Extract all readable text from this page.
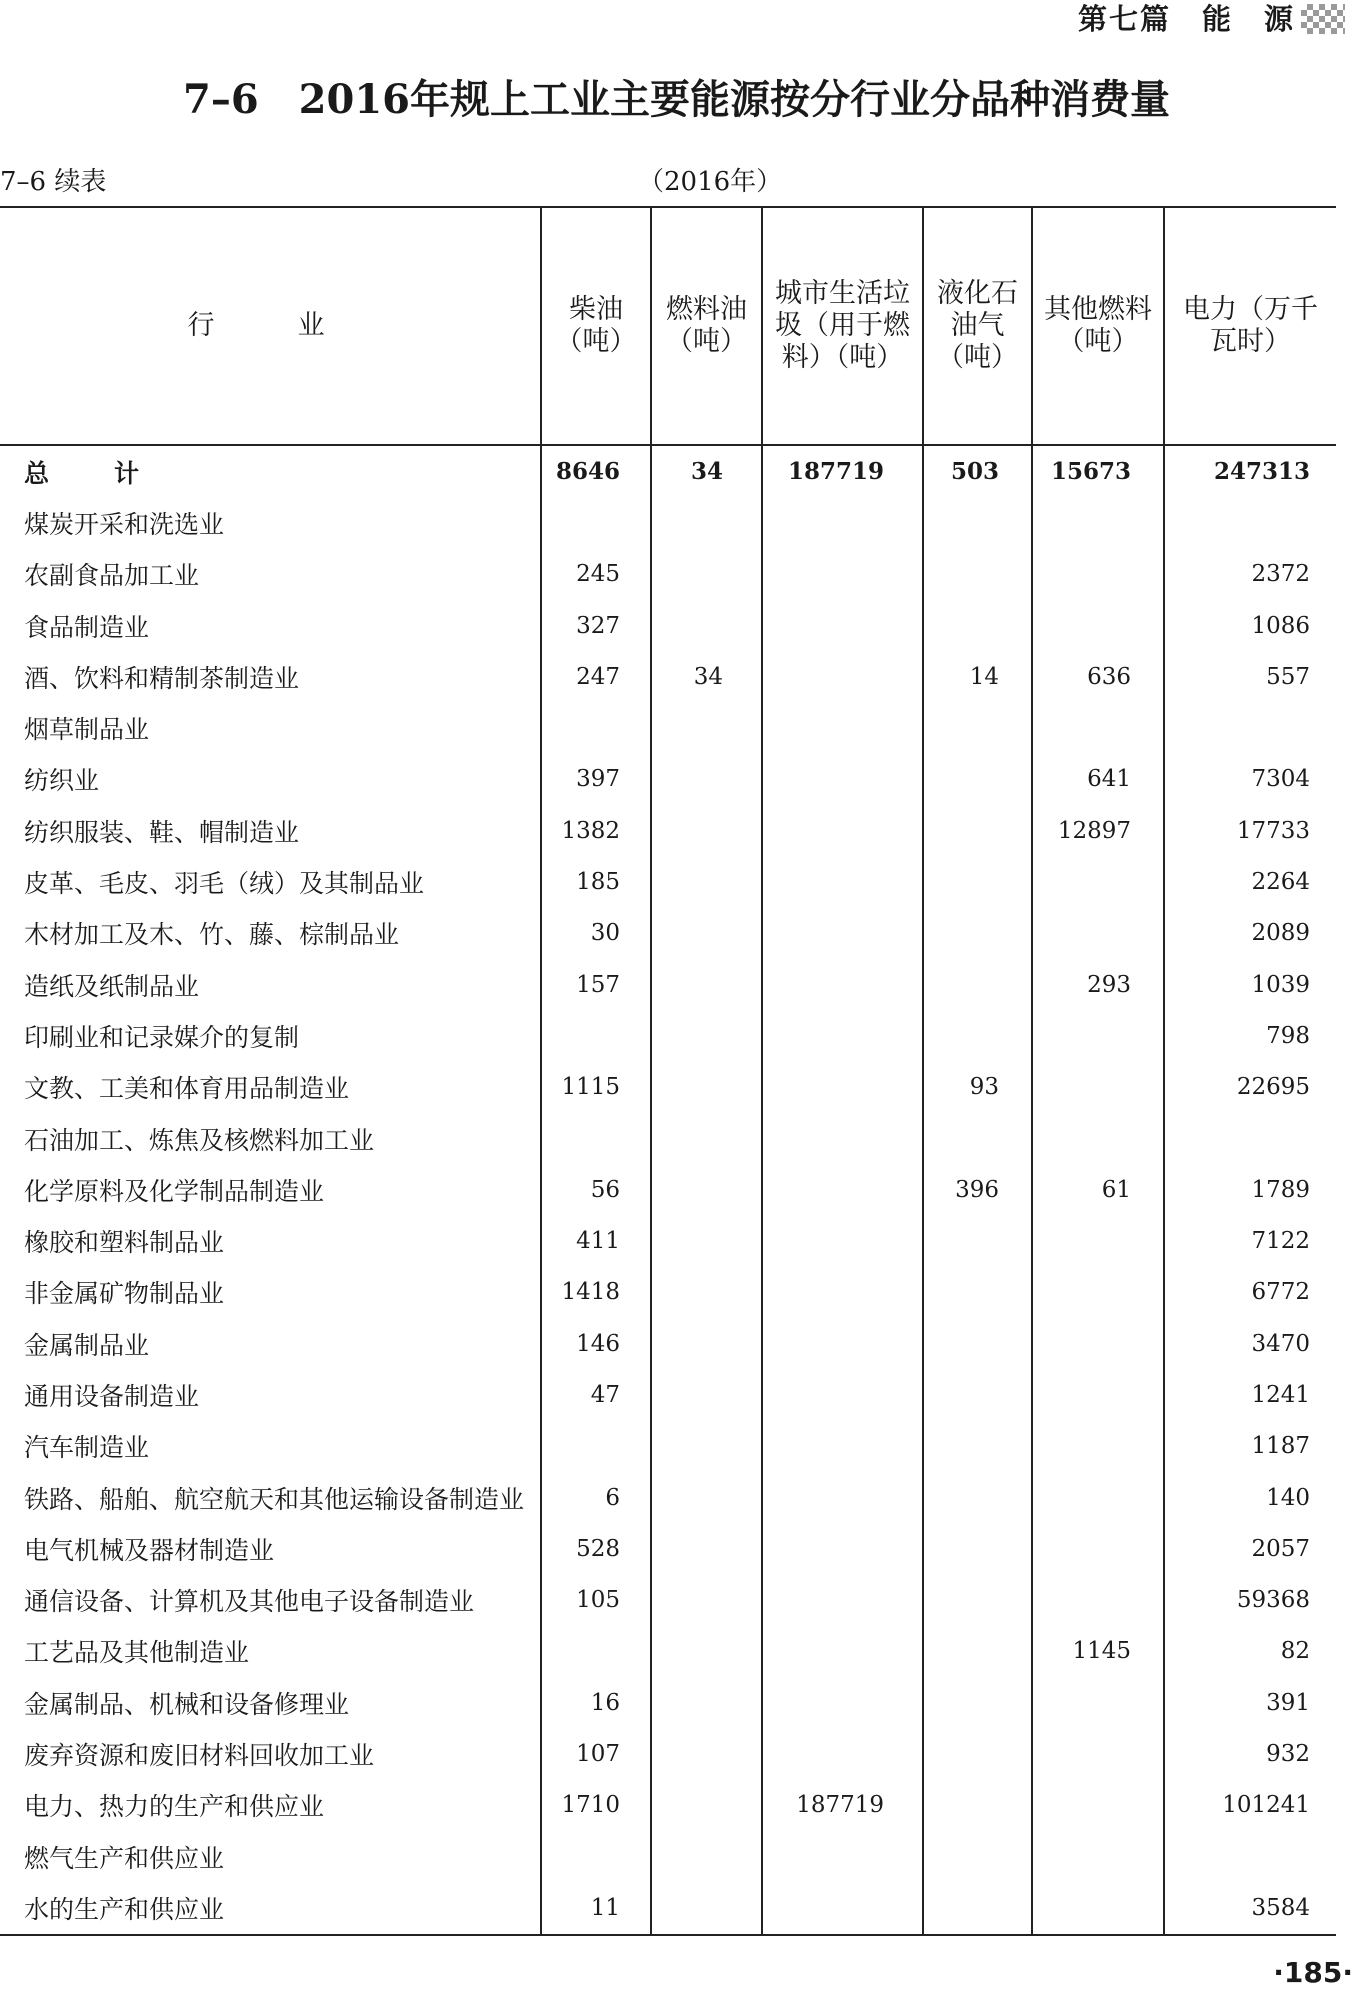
第七篇　能　源
7–6　2016年规上工业主要能源按分行业分品种消费量
7–6 续表	（2016年）
行　业	柴油（吨）	燃料油（吨）	城市生活垃圾（用于燃料）（吨）	液化石油气（吨）	其他燃料（吨）	电力（万千瓦时）
总　计	8646	34	187719	503	15673	247313
煤炭开采和洗选业						
农副食品加工业	245					2372
食品制造业	327					1086
酒、饮料和精制茶制造业	247	34		14	636	557
烟草制品业						
纺织业	397				641	7304
纺织服装、鞋、帽制造业	1382				12897	17733
皮革、毛皮、羽毛（绒）及其制品业	185					2264
木材加工及木、竹、藤、棕制品业	30					2089
造纸及纸制品业	157				293	1039
印刷业和记录媒介的复制						798
文教、工美和体育用品制造业	1115			93		22695
石油加工、炼焦及核燃料加工业						
化学原料及化学制品制造业	56			396	61	1789
橡胶和塑料制品业	411					7122
非金属矿物制品业	1418					6772
金属制品业	146					3470
通用设备制造业	47					1241
汽车制造业						1187
铁路、船舶、航空航天和其他运输设备制造业	6					140
电气机械及器材制造业	528					2057
通信设备、计算机及其他电子设备制造业	105					59368
工艺品及其他制造业					1145	82
金属制品、机械和设备修理业	16					391
废弃资源和废旧材料回收加工业	107					932
电力、热力的生产和供应业	1710		187719			101241
燃气生产和供应业						
水的生产和供应业	11					3584
·185·
